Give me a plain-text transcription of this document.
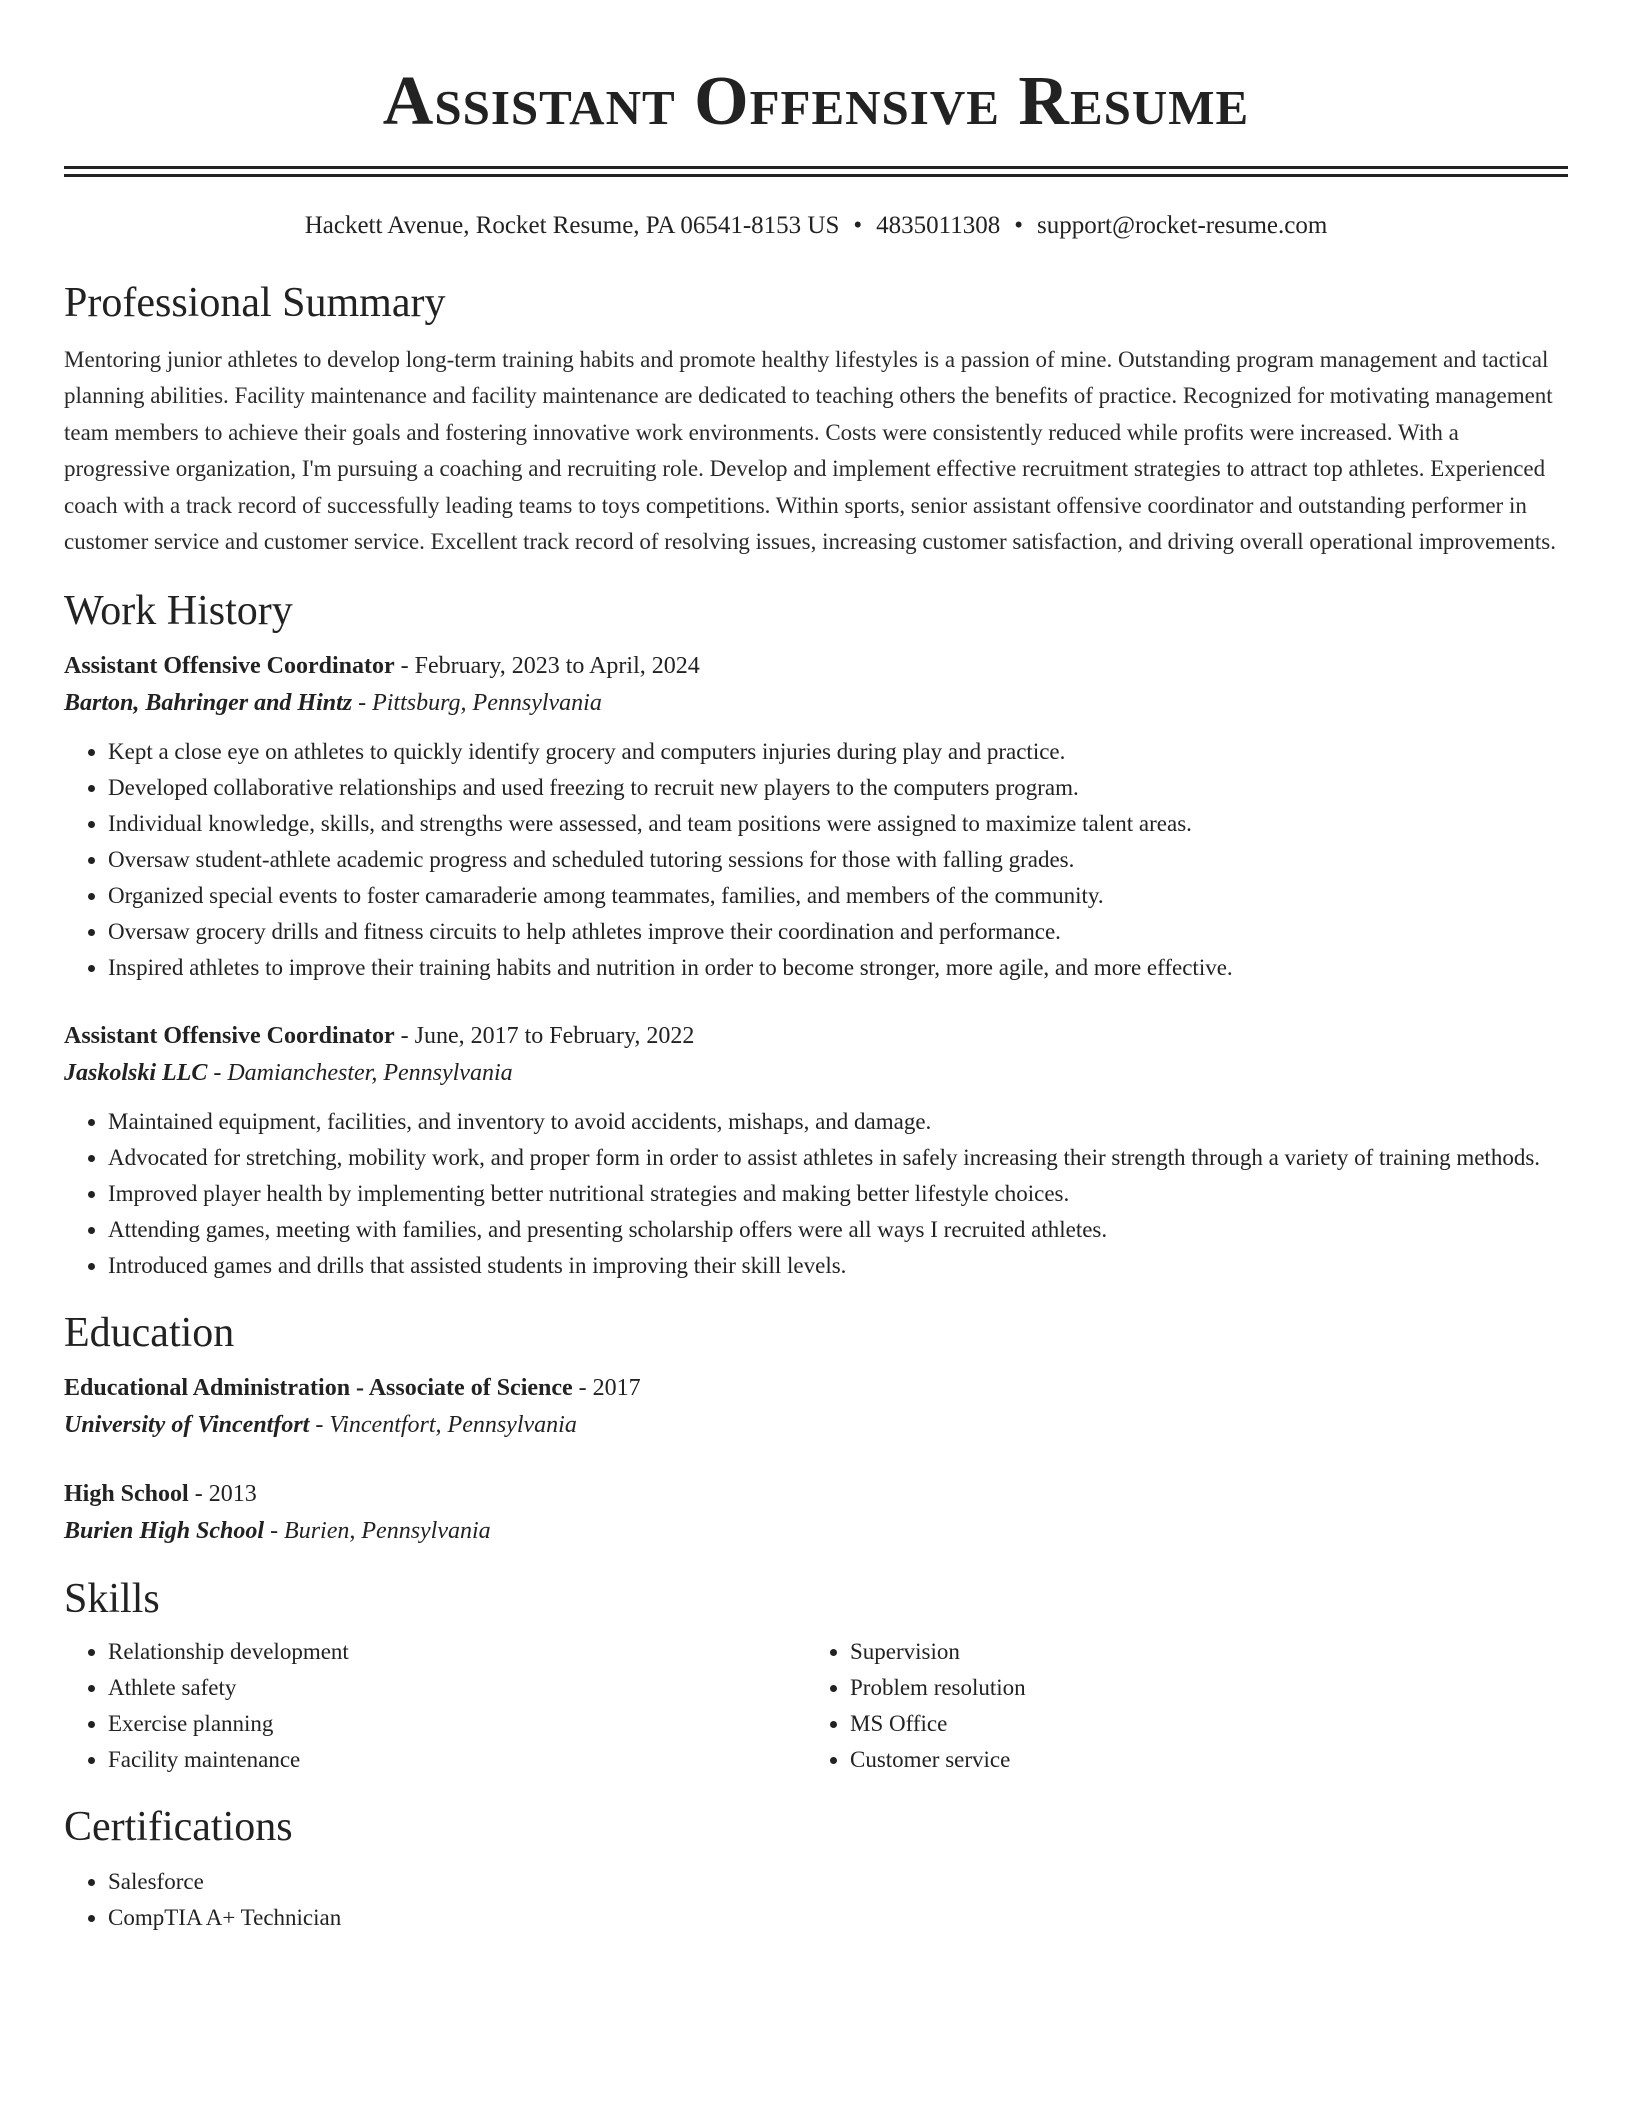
Assistant Offensive Resume
Hackett Avenue, Rocket Resume, PA 06541-8153 US • 4835011308 • support@rocket-resume.com
Professional Summary

Mentoring junior athletes to develop long-term training habits and promote healthy lifestyles is a passion of mine. Outstanding program management and tactical planning abilities. Facility maintenance and facility maintenance are dedicated to teaching others the benefits of practice. Recognized for motivating management team members to achieve their goals and fostering innovative work environments. Costs were consistently reduced while profits were increased. With a progressive organization, I'm pursuing a coaching and recruiting role. Develop and implement effective recruitment strategies to attract top athletes. Experienced coach with a track record of successfully leading teams to toys competitions. Within sports, senior assistant offensive coordinator and outstanding performer in customer service and customer service. Excellent track record of resolving issues, increasing customer satisfaction, and driving overall operational improvements.

Work History
Assistant Offensive Coordinator - February, 2023 to April, 2024
Barton, Bahringer and Hintz - Pittsburg, Pennsylvania
• Kept a close eye on athletes to quickly identify grocery and computers injuries during play and practice.
• Developed collaborative relationships and used freezing to recruit new players to the computers program.
• Individual knowledge, skills, and strengths were assessed, and team positions were assigned to maximize talent areas.
• Oversaw student-athlete academic progress and scheduled tutoring sessions for those with falling grades.
• Organized special events to foster camaraderie among teammates, families, and members of the community.
• Oversaw grocery drills and fitness circuits to help athletes improve their coordination and performance.
• Inspired athletes to improve their training habits and nutrition in order to become stronger, more agile, and more effective.
Assistant Offensive Coordinator - June, 2017 to February, 2022
Jaskolski LLC - Damianchester, Pennsylvania
• Maintained equipment, facilities, and inventory to avoid accidents, mishaps, and damage.
• Advocated for stretching, mobility work, and proper form in order to assist athletes in safely increasing their strength through a variety of training methods.
• Improved player health by implementing better nutritional strategies and making better lifestyle choices.
• Attending games, meeting with families, and presenting scholarship offers were all ways I recruited athletes.
• Introduced games and drills that assisted students in improving their skill levels.
Education
Educational Administration - Associate of Science - 2017
University of Vincentfort - Vincentfort, Pennsylvania
High School - 2013
Burien High School - Burien, Pennsylvania
Skills
• Relationship development
• Athlete safety
• Exercise planning
• Facility maintenance
• Supervision
• Problem resolution
• MS Office
• Customer service
Certifications
• Salesforce
• CompTIA A+ Technician
